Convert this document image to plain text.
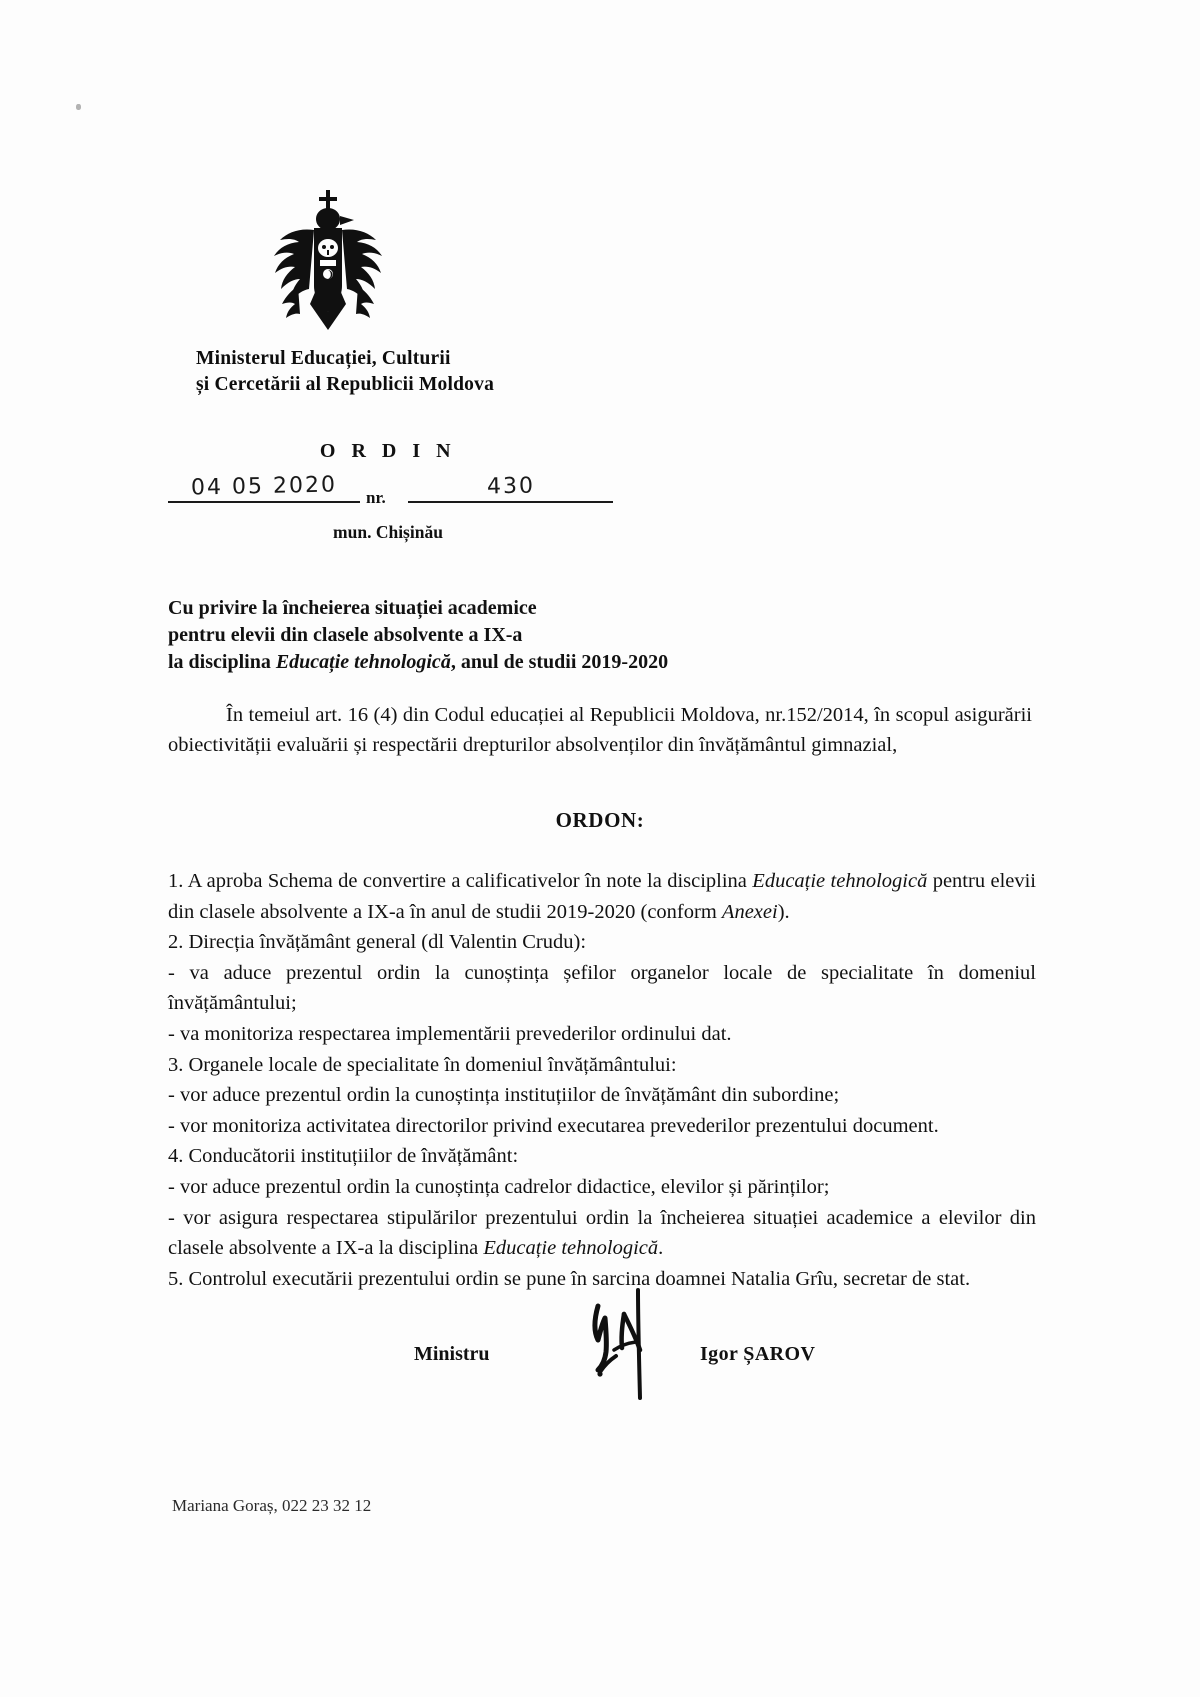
Ministerul Educației, Culturii
și Cercetării al Republicii Moldova
O R D I N
04 05 2020	nr.	430
mun. Chișinău
Cu privire la încheierea situației academice
pentru elevii din clasele absolvente a IX-a
la disciplina Educație tehnologică, anul de studii 2019-2020
În temeiul art. 16 (4) din Codul educației al Republicii Moldova, nr.152/2014, în scopul asigurării obiectivității evaluării și respectării drepturilor absolvenților din învățământul gimnazial,
ORDON:

1. A aproba Schema de convertire a calificativelor în note la disciplina Educație tehnologică pentru elevii din clasele absolvente a IX-a în anul de studii 2019-2020 (conform Anexei).

2. Direcția învățământ general (dl Valentin Crudu):

- va aduce prezentul ordin la cunoștința șefilor organelor locale de specialitate în domeniul învățământului;

- va monitoriza respectarea implementării prevederilor ordinului dat.

3. Organele locale de specialitate în domeniul învățământului:

- vor aduce prezentul ordin la cunoștința instituțiilor de învățământ din subordine;

- vor monitoriza activitatea directorilor privind executarea prevederilor prezentului document.

4. Conducătorii instituțiilor de învățământ:

- vor aduce prezentul ordin la cunoștința cadrelor didactice, elevilor și părinților;

- vor asigura respectarea stipulărilor prezentului ordin la încheierea situației academice a elevilor din clasele absolvente a IX-a la disciplina Educație tehnologică.

5. Controlul executării prezentului ordin se pune în sarcina doamnei Natalia Grîu, secretar de stat.

Ministru	Igor ȘAROV
Mariana Goraș, 022 23 32 12
